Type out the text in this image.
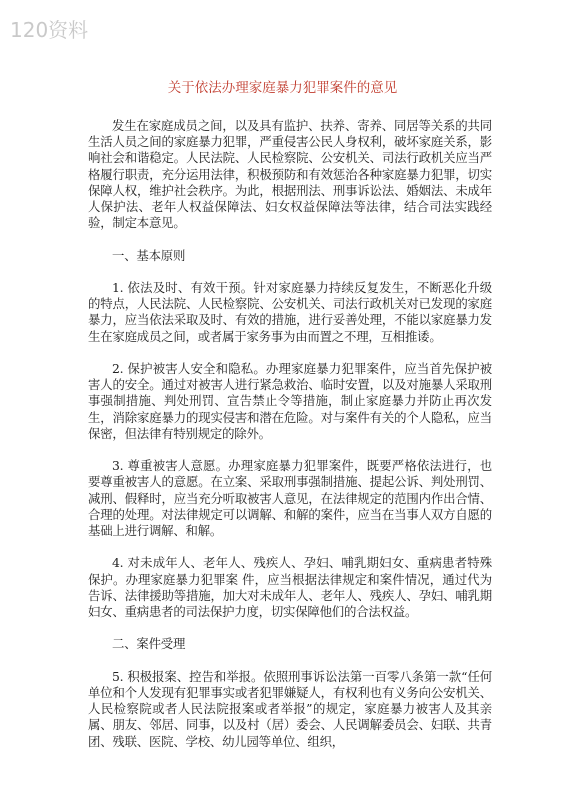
120资料
关于依法办理家庭暴力犯罪案件的意见

发生在家庭成员之间，以及具有监护、扶养、寄养、同居等关系的共同生活人员之间的家庭暴力犯罪，严重侵害公民人身权利，破坏家庭关系，影响社会和谐稳定。人民法院、人民检察院、公安机关、司法行政机关应当严格履行职责，充分运用法律，积极预防和有效惩治各种家庭暴力犯罪，切实保障人权，维护社会秩序。为此，根据刑法、刑事诉讼法、婚姻法、未成年人保护法、老年人权益保障法、妇女权益保障法等法律，结合司法实践经验，制定本意见。

一、基本原则

1. 依法及时、有效干预。针对家庭暴力持续反复发生，不断恶化升级的特点，人民法院、人民检察院、公安机关、司法行政机关对已发现的家庭暴力，应当依法采取及时、有效的措施，进行妥善处理，不能以家庭暴力发生在家庭成员之间，或者属于家务事为由而置之不理，互相推诿。

2. 保护被害人安全和隐私。办理家庭暴力犯罪案件，应当首先保护被害人的安全。通过对被害人进行紧急救治、临时安置，以及对施暴人采取刑事强制措施、判处刑罚、宣告禁止令等措施，制止家庭暴力并防止再次发生，消除家庭暴力的现实侵害和潜在危险。对与案件有关的个人隐私，应当保密，但法律有特别规定的除外。

3. 尊重被害人意愿。办理家庭暴力犯罪案件，既要严格依法进行，也要尊重被害人的意愿。在立案、采取刑事强制措施、提起公诉、判处刑罚、减刑、假释时，应当充分听取被害人意见，在法律规定的范围内作出合情、合理的处理。对法律规定可以调解、和解的案件，应当在当事人双方自愿的基础上进行调解、和解。

4. 对未成年人、老年人、残疾人、孕妇、哺乳期妇女、重病患者特殊保护。办理家庭暴力犯罪案 件，应当根据法律规定和案件情况，通过代为告诉、法律援助等措施，加大对未成年人、老年人、残疾人、孕妇、哺乳期妇女、重病患者的司法保护力度，切实保障他们的合法权益。

二、案件受理

5. 积极报案、控告和举报。依照刑事诉讼法第一百零八条第一款“任何单位和个人发现有犯罪事实或者犯罪嫌疑人，有权利也有义务向公安机关、人民检察院或者人民法院报案或者举报”的规定，家庭暴力被害人及其亲属、朋友、邻居、同事，以及村（居）委会、人民调解委员会、妇联、共青团、残联、医院、学校、幼儿园等单位、组织，
